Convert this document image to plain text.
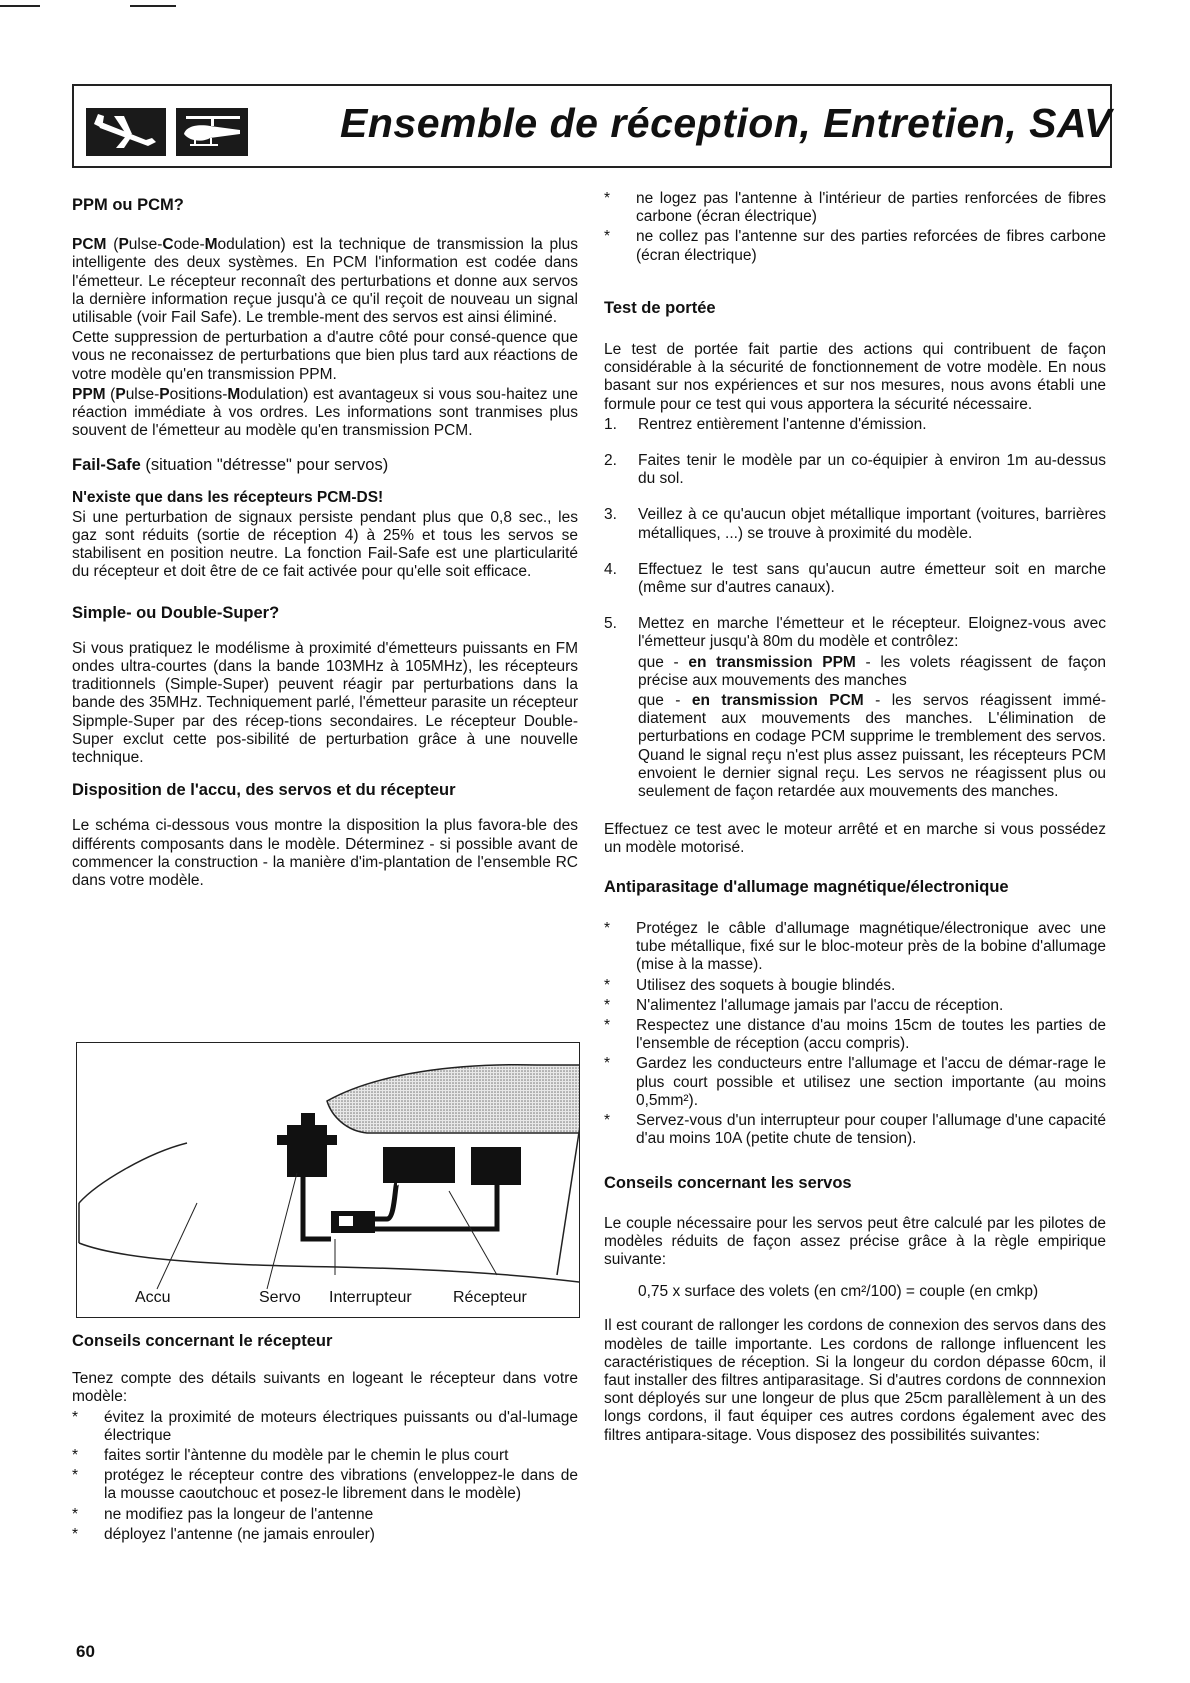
Ensemble de réception, Entretien, SAV

PPM ou PCM?

PCM (Pulse-Code-Modulation) est la technique de transmission la plus intelligente des deux systèmes. En PCM l'information est codée dans l'émetteur. Le récepteur reconnaît des perturbations et donne aux servos la dernière information reçue jusqu'à ce qu'il reçoit de nouveau un signal utilisable (voir Fail Safe). Le tremble-ment des servos est ainsi éliminé.

Cette suppression de perturbation a d'autre côté pour consé-quence que vous ne reconaissez de perturbations que bien plus tard aux réactions de votre modèle qu'en transmission PPM.

PPM (Pulse-Positions-Modulation) est avantageux si vous sou-haitez une réaction immédiate à vos ordres. Les informations sont tranmises plus souvent de l'émetteur au modèle qu'en transmission PCM.

Fail-Safe (situation "détresse" pour servos)

N'existe que dans les récepteurs PCM-DS!

Si une perturbation de signaux persiste pendant plus que 0,8 sec., les gaz sont réduits (sortie de réception 4) à 25% et tous les servos se stabilisent en position neutre. La fonction Fail-Safe est une plarticularité du récepteur et doit être de ce fait activée pour qu'elle soit efficace.

Simple- ou Double-Super?

Si vous pratiquez le modélisme à proximité d'émetteurs puissants en FM ondes ultra-courtes (dans la bande 103MHz à 105MHz), les récepteurs traditionnels (Simple-Super) peuvent réagir par perturbations dans la bande des 35MHz. Techniquement parlé, l'émetteur parasite un récepteur Sipmple-Super par des récep-tions secondaires. Le récepteur Double-Super exclut cette pos-sibilité de perturbation grâce à une nouvelle technique.

Disposition de l'accu, des servos et du récepteur

Le schéma ci-dessous vous montre la disposition la plus favora-ble des différents composants dans le modèle. Déterminez - si possible avant de commencer la construction - la manière d'im-plantation de l'ensemble RC dans votre modèle.

Accu	Servo Interrupteur	Récepteur

Conseils concernant le récepteur

Tenez compte des détails suivants en logeant le récepteur dans votre modèle:

*	évitez la proximité de moteurs électriques puissants ou d'al-lumage électrique

*	faites sortir l'àntenne du modèle par le chemin le plus court

*	protégez le récepteur contre des vibrations (enveloppez-le dans de la mousse caoutchouc et posez-le librement dans le modèle)

*	ne modifiez pas la longeur de l'antenne

*	déployez l'antenne (ne jamais enrouler)

*	ne logez pas l'antenne à l'intérieur de parties renforcées de fibres carbone (écran électrique)

*	ne collez pas l'antenne sur des parties reforcées de fibres carbone (écran électrique)

Test de portée

Le test de portée fait partie des actions qui contribuent de façon considérable à la sécurité de fonctionnement de votre modèle. En nous basant sur nos expériences et sur nos mesures, nous avons établi une formule pour ce test qui vous apportera la sécurité nécessaire.

1. Rentrez entièrement l'antenne d'émission.

2. Faites tenir le modèle par un co-équipier à environ 1m au-dessus du sol.

3. Veillez à ce qu'aucun objet métallique important (voitures, barrières métalliques, ...) se trouve à proximité du modèle.

4. Effectuez le test sans qu'aucun autre émetteur soit en marche (même sur d'autres canaux).

5. Mettez en marche l'émetteur et le récepteur. Eloignez-vous avec l'émetteur jusqu'à 80m du modèle et contrôlez:

que - en transmission PPM - les volets réagissent de façon précise aux mouvements des manches

que - en transmission PCM - les servos réagissent immé-diatement aux mouvements des manches. L'élimination de perturbations en codage PCM supprime le tremblement des servos. Quand le signal reçu n'est plus assez puissant, les récepteurs PCM envoient le dernier signal reçu. Les servos ne réagissent plus ou seulement de façon retardée aux mouvements des manches.

Effectuez ce test avec le moteur arrêté et en marche si vous possédez un modèle motorisé.

Antiparasitage d'allumage magnétique/électronique

*	Protégez le câble d'allumage magnétique/électronique avec une tube métallique, fixé sur le bloc-moteur près de la bobine d'allumage (mise à la masse).

*	Utilisez des soquets à bougie blindés.

*	N'alimentez l'allumage jamais par l'accu de réception.

*	Respectez une distance d'au moins 15cm de toutes les parties de l'ensemble de réception (accu compris).

*	Gardez les conducteurs entre l'allumage et l'accu de démar-rage le plus court possible et utilisez une section importante (au moins 0,5mm²).

*	Servez-vous d'un interrupteur pour couper l'allumage d'une capacité d'au moins 10A (petite chute de tension).

Conseils concernant les servos

Le couple nécessaire pour les servos peut être calculé par les pilotes de modèles réduits de façon assez précise grâce à la règle empirique suivante:

0,75 x surface des volets (en cm²/100) = couple (en cmkp)

Il est courant de rallonger les cordons de connexion des servos dans des modèles de taille importante. Les cordons de rallonge influencent les caractéristiques de réception. Si la longeur du cordon dépasse 60cm, il faut installer des filtres antiparasitage. Si d'autres cordons de connnexion sont déployés sur une longeur de plus que 25cm parallèlement à un des longs cordons, il faut équiper ces autres cordons également avec des filtres antipara-sitage. Vous disposez des possibilités suivantes:

60
